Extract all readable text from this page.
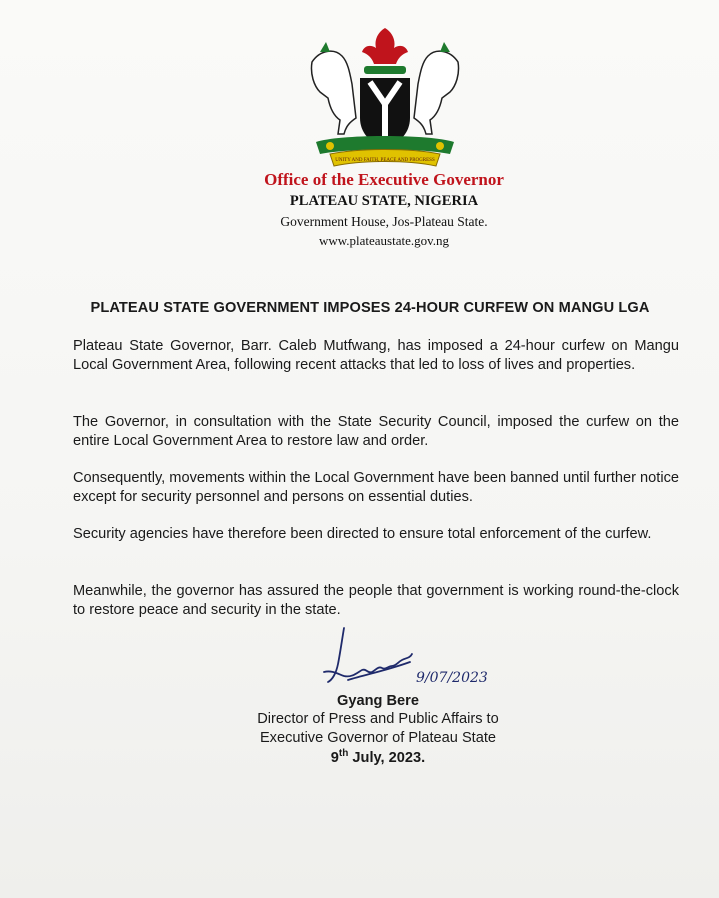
UNITY AND FAITH, PEACE AND PROGRESS
Office of the Executive Governor
PLATEAU STATE, NIGERIA
Government House, Jos-Plateau State.
www.plateaustate.gov.ng
PLATEAU STATE GOVERNMENT IMPOSES 24-HOUR CURFEW ON MANGU LGA

Plateau State Governor, Barr. Caleb Mutfwang, has imposed a 24-hour curfew on Mangu Local Government Area, following recent attacks that led to loss of lives and properties.

The Governor, in consultation with the State Security Council, imposed the curfew on the entire Local Government Area to restore law and order.

Consequently, movements within the Local Government have been banned until further notice except for security personnel and persons on essential duties.

Security agencies have therefore been directed to ensure total enforcement of the curfew.

Meanwhile, the governor has assured the people that government is working round-the-clock to restore peace and security in the state.

9/07/2023
Gyang Bere
Director of Press and Public Affairs to
Executive Governor of Plateau State
9th July, 2023.
